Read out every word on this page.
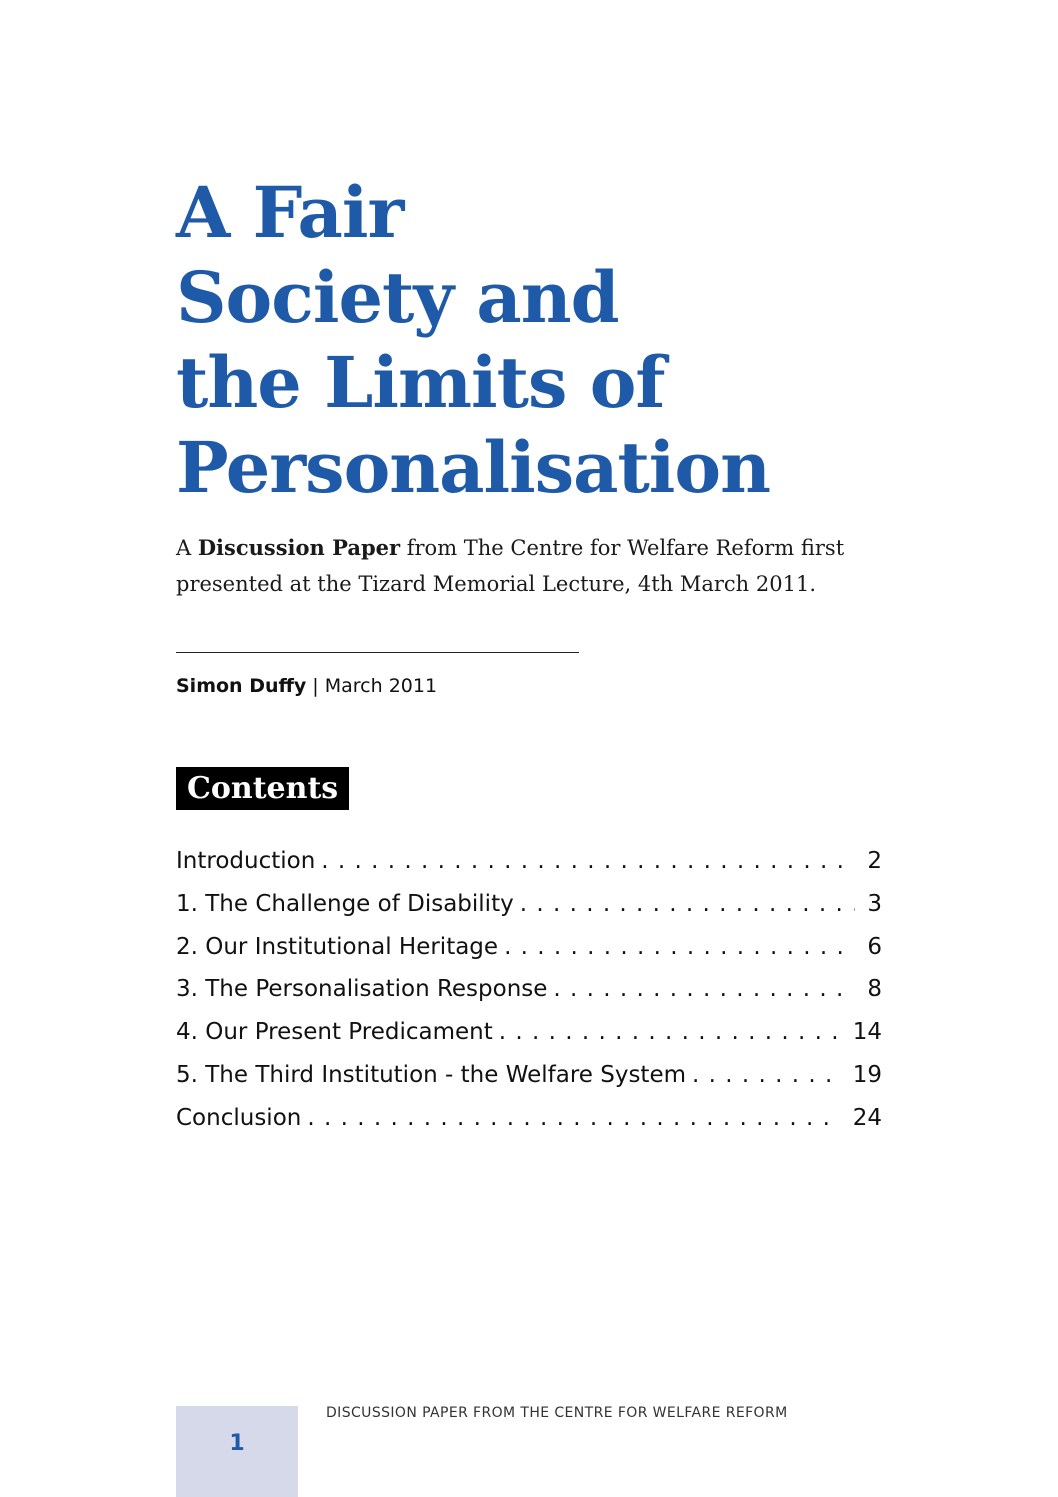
A Fair
Society and
the Limits of
Personalisation

A Discussion Paper from The Centre for Welfare Reform first presented at the Tizard Memorial Lecture, 4th March 2011.

Simon Duffy | March 2011
Contents
Introduction . . .	2
1. The Challenge of Disability . . .	3
2. Our Institutional Heritage . . .	6
3. The Personalisation Response . . .	8
4. Our Present Predicament . . .	14
5. The Third Institution - the Welfare System . . .	19
Conclusion . . .	24
1
DISCUSSION PAPER FROM THE CENTRE FOR WELFARE REFORM
